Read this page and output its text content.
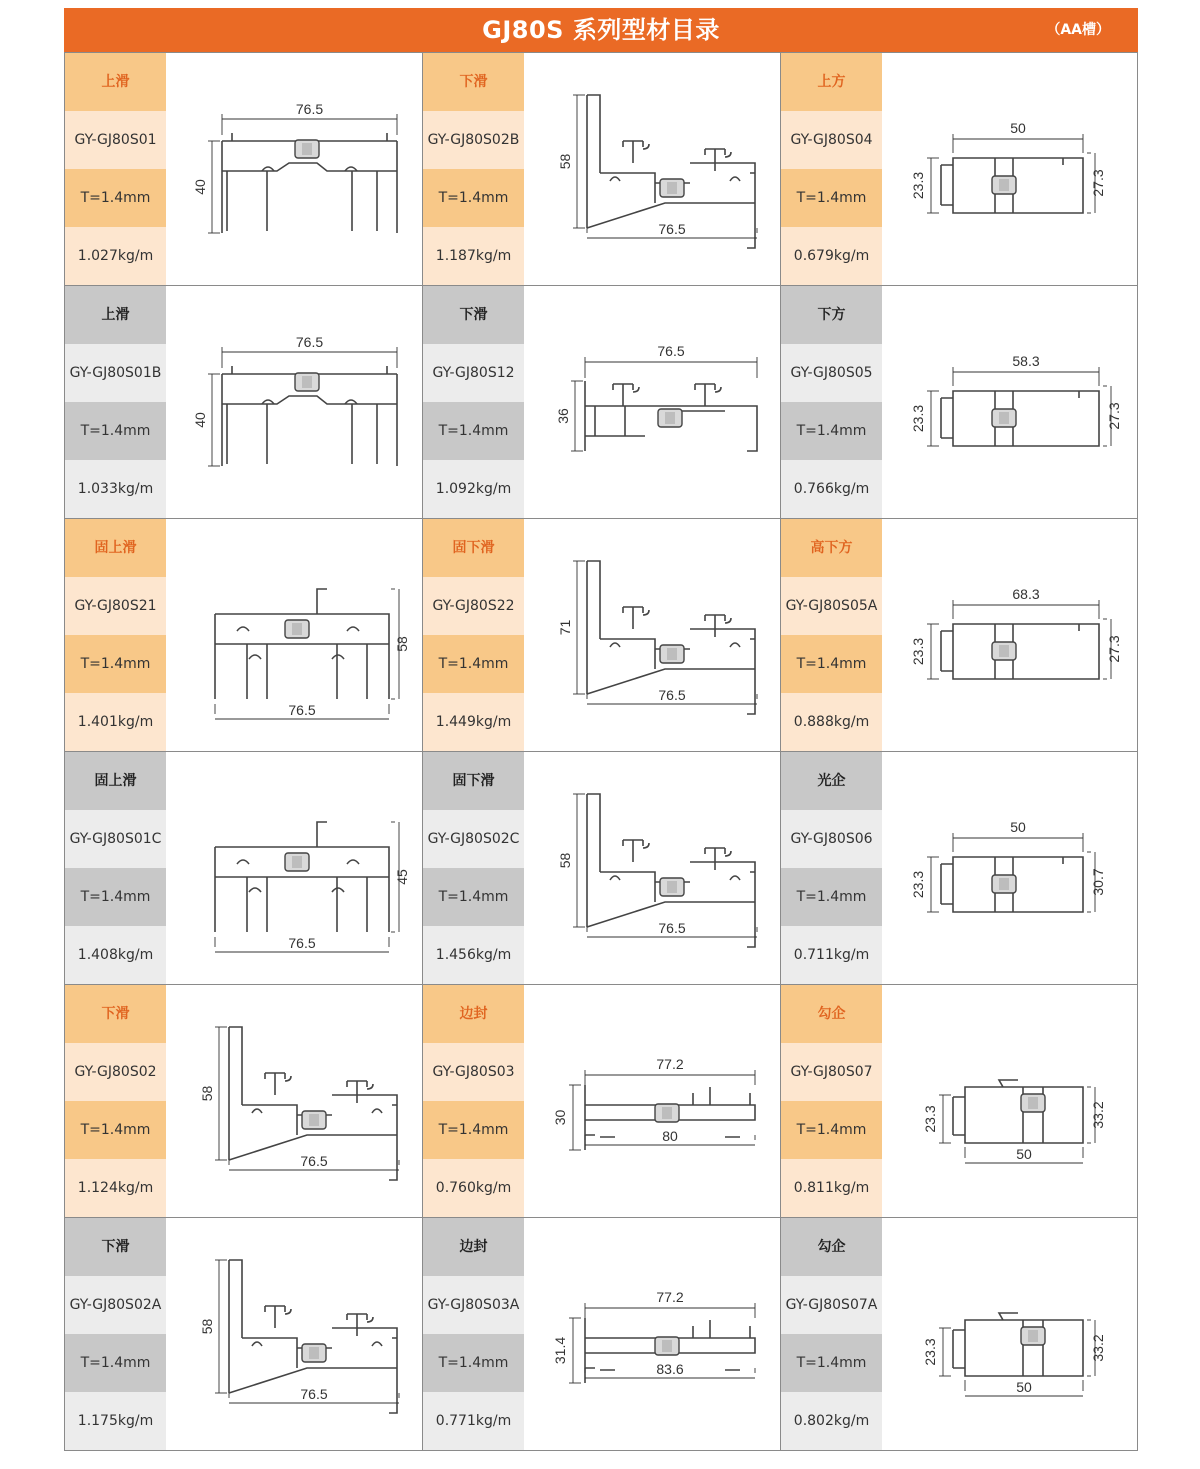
GJ80S 系列型材目录	（AA槽）
上滑
GY-GJ80S01
T=1.4mm
1.027kg/m
76.5
40
下滑
GY-GJ80S02B
T=1.4mm
1.187kg/m
76.5
58
上方
GY-GJ80S04
T=1.4mm
0.679kg/m
50
23.3	27.3
上滑
GY-GJ80S01B
T=1.4mm
1.033kg/m
76.5
40
下滑
GY-GJ80S12
T=1.4mm
1.092kg/m
76.5
36
下方
GY-GJ80S05
T=1.4mm
0.766kg/m
58.3
23.3	27.3
固上滑
GY-GJ80S21
T=1.4mm
1.401kg/m
76.5
58
固下滑
GY-GJ80S22
T=1.4mm
1.449kg/m
76.5
71
高下方
GY-GJ80S05A
T=1.4mm
0.888kg/m
68.3
23.3	27.3
固上滑
GY-GJ80S01C
T=1.4mm
1.408kg/m
76.5
45
固下滑
GY-GJ80S02C
T=1.4mm
1.456kg/m
76.5
58
光企
GY-GJ80S06
T=1.4mm
0.711kg/m
50
23.3	30.7
下滑
GY-GJ80S02
T=1.4mm
1.124kg/m
76.5
58
边封
GY-GJ80S03
T=1.4mm
0.760kg/m
77.2
80
30
勾企
GY-GJ80S07
T=1.4mm
0.811kg/m
50
23.3	33.2
下滑
GY-GJ80S02A
T=1.4mm
1.175kg/m
76.5
58
边封
GY-GJ80S03A
T=1.4mm
0.771kg/m
77.2
83.6
31.4
勾企
GY-GJ80S07A
T=1.4mm
0.802kg/m
50
23.3	33.2
